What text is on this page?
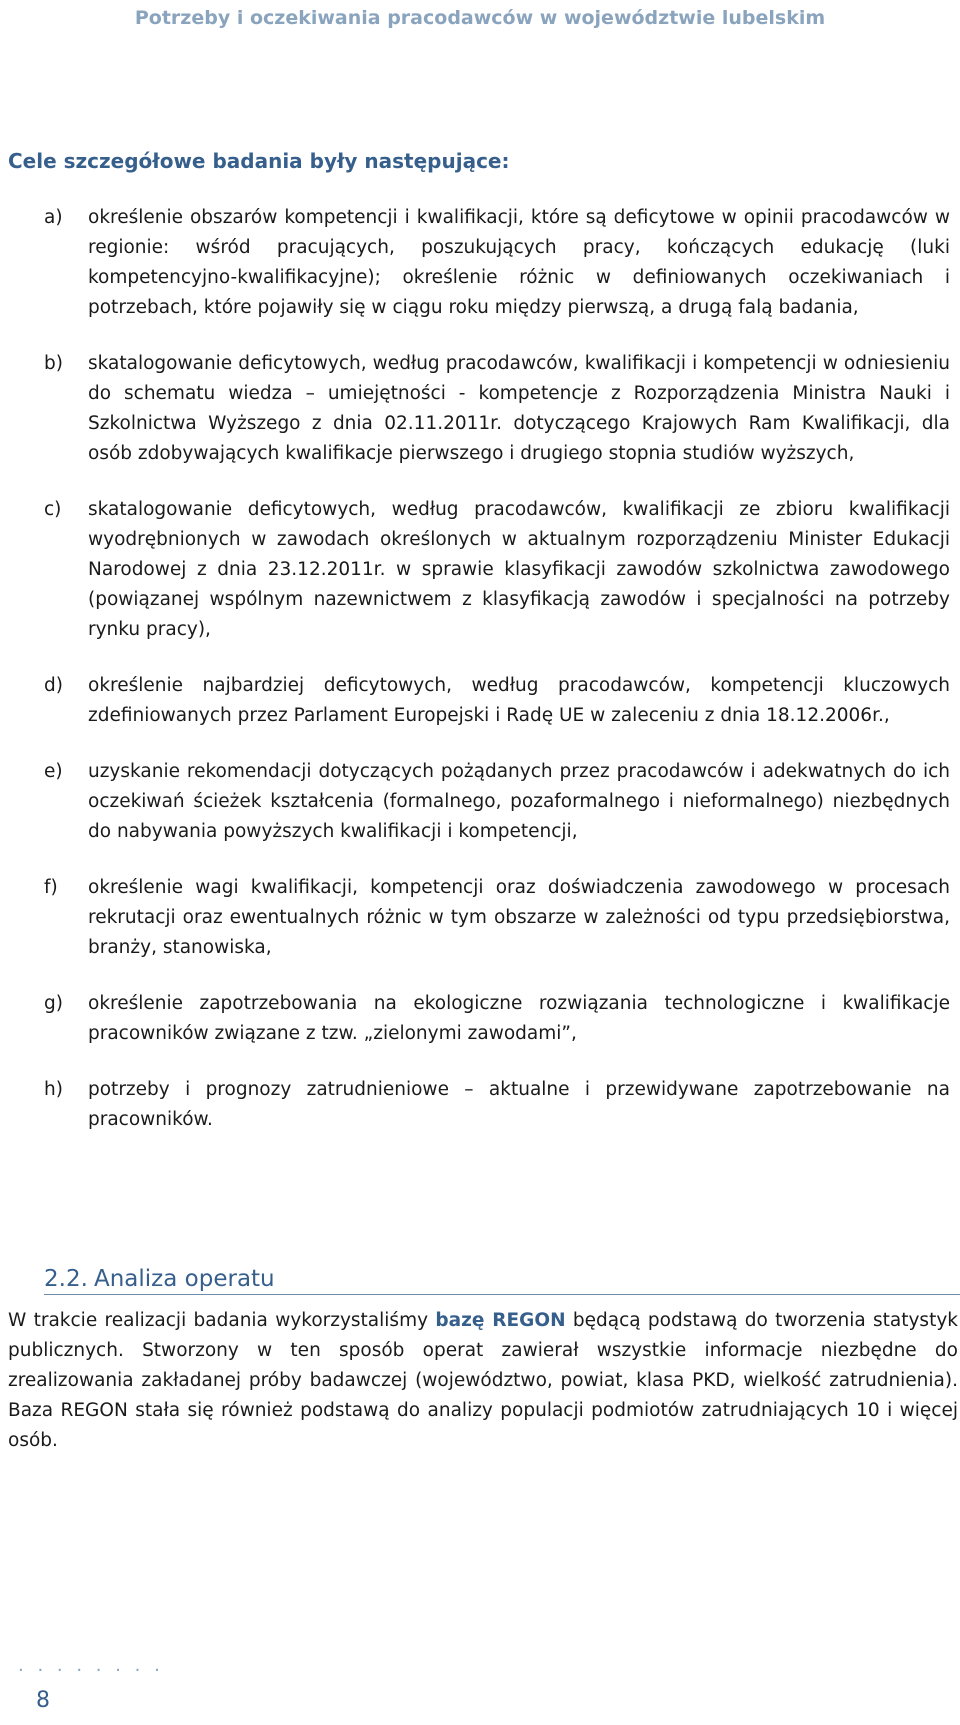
Potrzeby i oczekiwania pracodawców w województwie lubelskim
Cele szczegółowe badania były następujące:
a) określenie obszarów kompetencji i kwalifikacji, które są deficytowe w opinii pracodawców w regionie: wśród pracujących, poszukujących pracy, kończących edukację (luki kompetencyjno-kwalifikacyjne); określenie różnic w definiowanych oczekiwaniach i potrzebach, które pojawiły się w ciągu roku między pierwszą, a drugą falą badania,
b) skatalogowanie deficytowych, według pracodawców, kwalifikacji i kompetencji w odniesieniu do schematu wiedza – umiejętności - kompetencje z Rozporządzenia Ministra Nauki i Szkolnictwa Wyższego z dnia 02.11.2011r. dotyczącego Krajowych Ram Kwalifikacji, dla osób zdobywających kwalifikacje pierwszego i drugiego stopnia studiów wyższych,
c) skatalogowanie deficytowych, według pracodawców, kwalifikacji ze zbioru kwalifikacji wyodrębnionych w zawodach określonych w aktualnym rozporządzeniu Minister Edukacji Narodowej z dnia 23.12.2011r. w sprawie klasyfikacji zawodów szkolnictwa zawodowego (powiązanej wspólnym nazewnictwem z klasyfikacją zawodów i specjalności na potrzeby rynku pracy),
d) określenie najbardziej deficytowych, według pracodawców, kompetencji kluczowych zdefiniowanych przez Parlament Europejski i Radę UE w zaleceniu z dnia 18.12.2006r.,
e) uzyskanie rekomendacji dotyczących pożądanych przez pracodawców i adekwatnych do ich oczekiwań ścieżek kształcenia (formalnego, pozaformalnego i nieformalnego) niezbędnych do nabywania powyższych kwalifikacji i kompetencji,
f) określenie wagi kwalifikacji, kompetencji oraz doświadczenia zawodowego w procesach rekrutacji oraz ewentualnych różnic w tym obszarze w zależności od typu przedsiębiorstwa, branży, stanowiska,
g) określenie zapotrzebowania na ekologiczne rozwiązania technologiczne i kwalifikacje pracowników związane z tzw. „zielonymi zawodami”,
h) potrzeby i prognozy zatrudnieniowe – aktualne i przewidywane zapotrzebowanie na pracowników.
2.2. Analiza operatu
W trakcie realizacji badania wykorzystaliśmy bazę REGON będącą podstawą do tworzenia statystyk publicznych. Stworzony w ten sposób operat zawierał wszystkie informacje niezbędne do zrealizowania zakładanej próby badawczej (województwo, powiat, klasa PKD, wielkość zatrudnienia). Baza REGON stała się również podstawą do analizy populacji podmiotów zatrudniających 10 i więcej osób.
. . . . . . . .
8
